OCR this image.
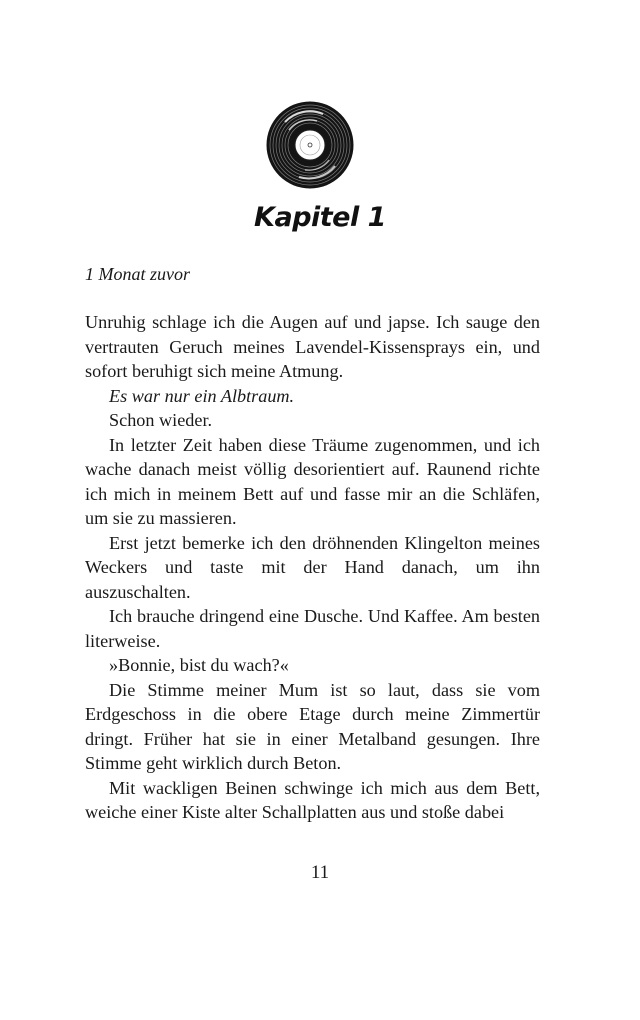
Kapitel 1
1 Monat zuvor

Unruhig schlage ich die Augen auf und japse. Ich sauge den vertrauten Geruch meines Lavendel-Kissensprays ein, und sofort beruhigt sich meine Atmung.

Es war nur ein Albtraum.

Schon wieder.

In letzter Zeit haben diese Träume zugenommen, und ich wache danach meist völlig desorientiert auf. Raunend richte ich mich in meinem Bett auf und fasse mir an die Schläfen, um sie zu massieren.

Erst jetzt bemerke ich den dröhnenden Klingelton meines Weckers und taste mit der Hand danach, um ihn auszuschalten.

Ich brauche dringend eine Dusche. Und Kaffee. Am besten literweise.

»Bonnie, bist du wach?«

Die Stimme meiner Mum ist so laut, dass sie vom Erdgeschoss in die obere Etage durch meine Zimmertür dringt. Früher hat sie in einer Metalband gesungen. Ihre Stimme geht wirklich durch Beton.

Mit wackligen Beinen schwinge ich mich aus dem Bett, weiche einer Kiste alter Schallplatten aus und stoße dabei

11
